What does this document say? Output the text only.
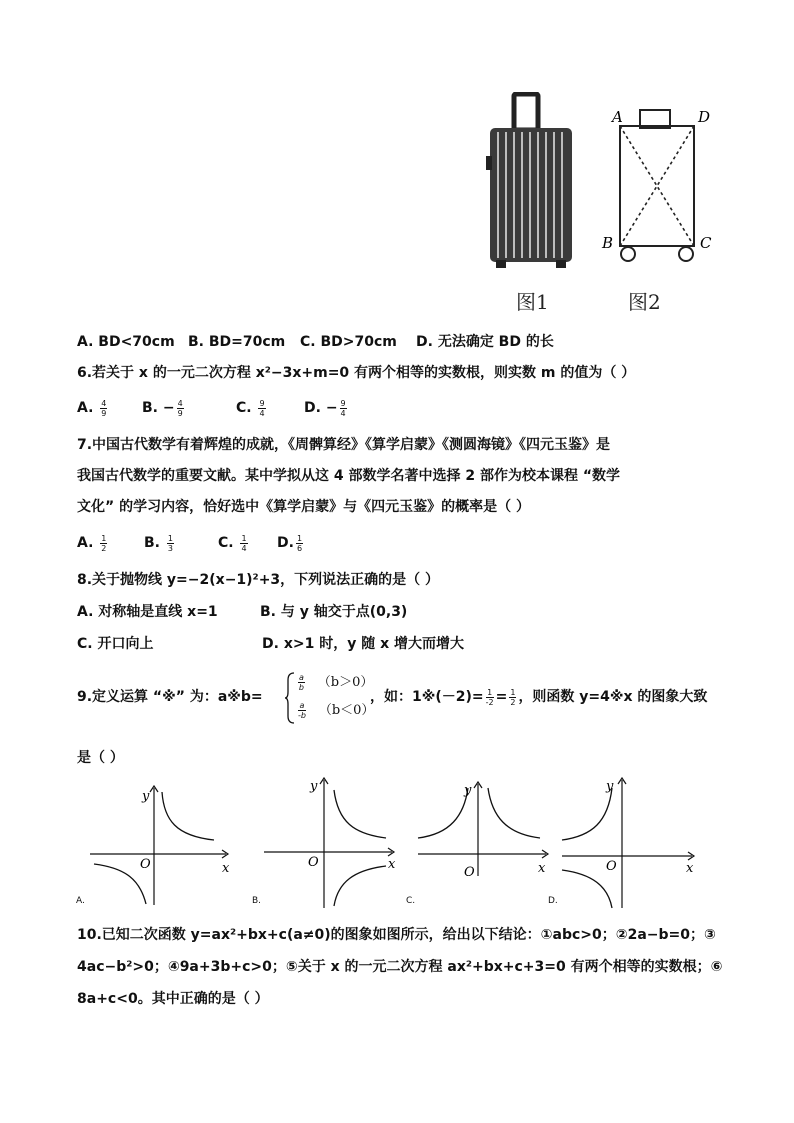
A	D
B	C
图1	图2
A. BD<70cm B. BD=70cm C. BD>70cm D. 无法确定 BD 的长
6.若关于 x 的一元二次方程 x²−3x+m=0 有两个相等的实数根，则实数 m 的值为（ ）
A. $\frac{4}{9} B$. − $\frac{4}{9}$	C. $\frac{9}{4}$	D. − $\frac{9}{4}$
7.中国古代数学有着辉煌的成就，《周髀算经》《算学启蒙》《测圆海镜》《四元玉鉴》是
我国古代数学的重要文献。某中学拟从这 4 部数学名著中选择 2 部作为校本课程 “数学
文化” 的学习内容，恰好选中《算学启蒙》与《四元玉鉴》的概率是（ ）
A. $\frac{1}{2}$	B. $\frac{1}{3}$	C. $\frac{1}{4} D$. $\frac{1}{6}$
8.关于抛物线 y=−2(x−1)²+3，下列说法正确的是（ ）
A. 对称轴是直线 x=1	B. 与 y 轴交于点(0,3)
C. 开口向上	D. x>1 时，y 随 x 增大而增大
9.定义运算 “※” 为：a※b=
$\frac{a}{b} (b>0)$
$\frac{a}{-b} (b<0)$
，如：1※(－2)= $\frac{1}{-2} = \frac{1}{2}$ ，则函数 y=4※x 的图象大致
是（ ）
y
x
O
A.
y
x
O
B.
y
x
O
C.
y
x
O
D.
10.已知二次函数 y=ax²+bx+c(a≠0)的图象如图所示，给出以下结论：①abc>0；②2a−b=0；③
4ac−b²>0；④9a+3b+c>0；⑤关于 x 的一元二次方程 ax²+bx+c+3=0 有两个相等的实数根；⑥
8a+c<0。其中正确的是（ ）
